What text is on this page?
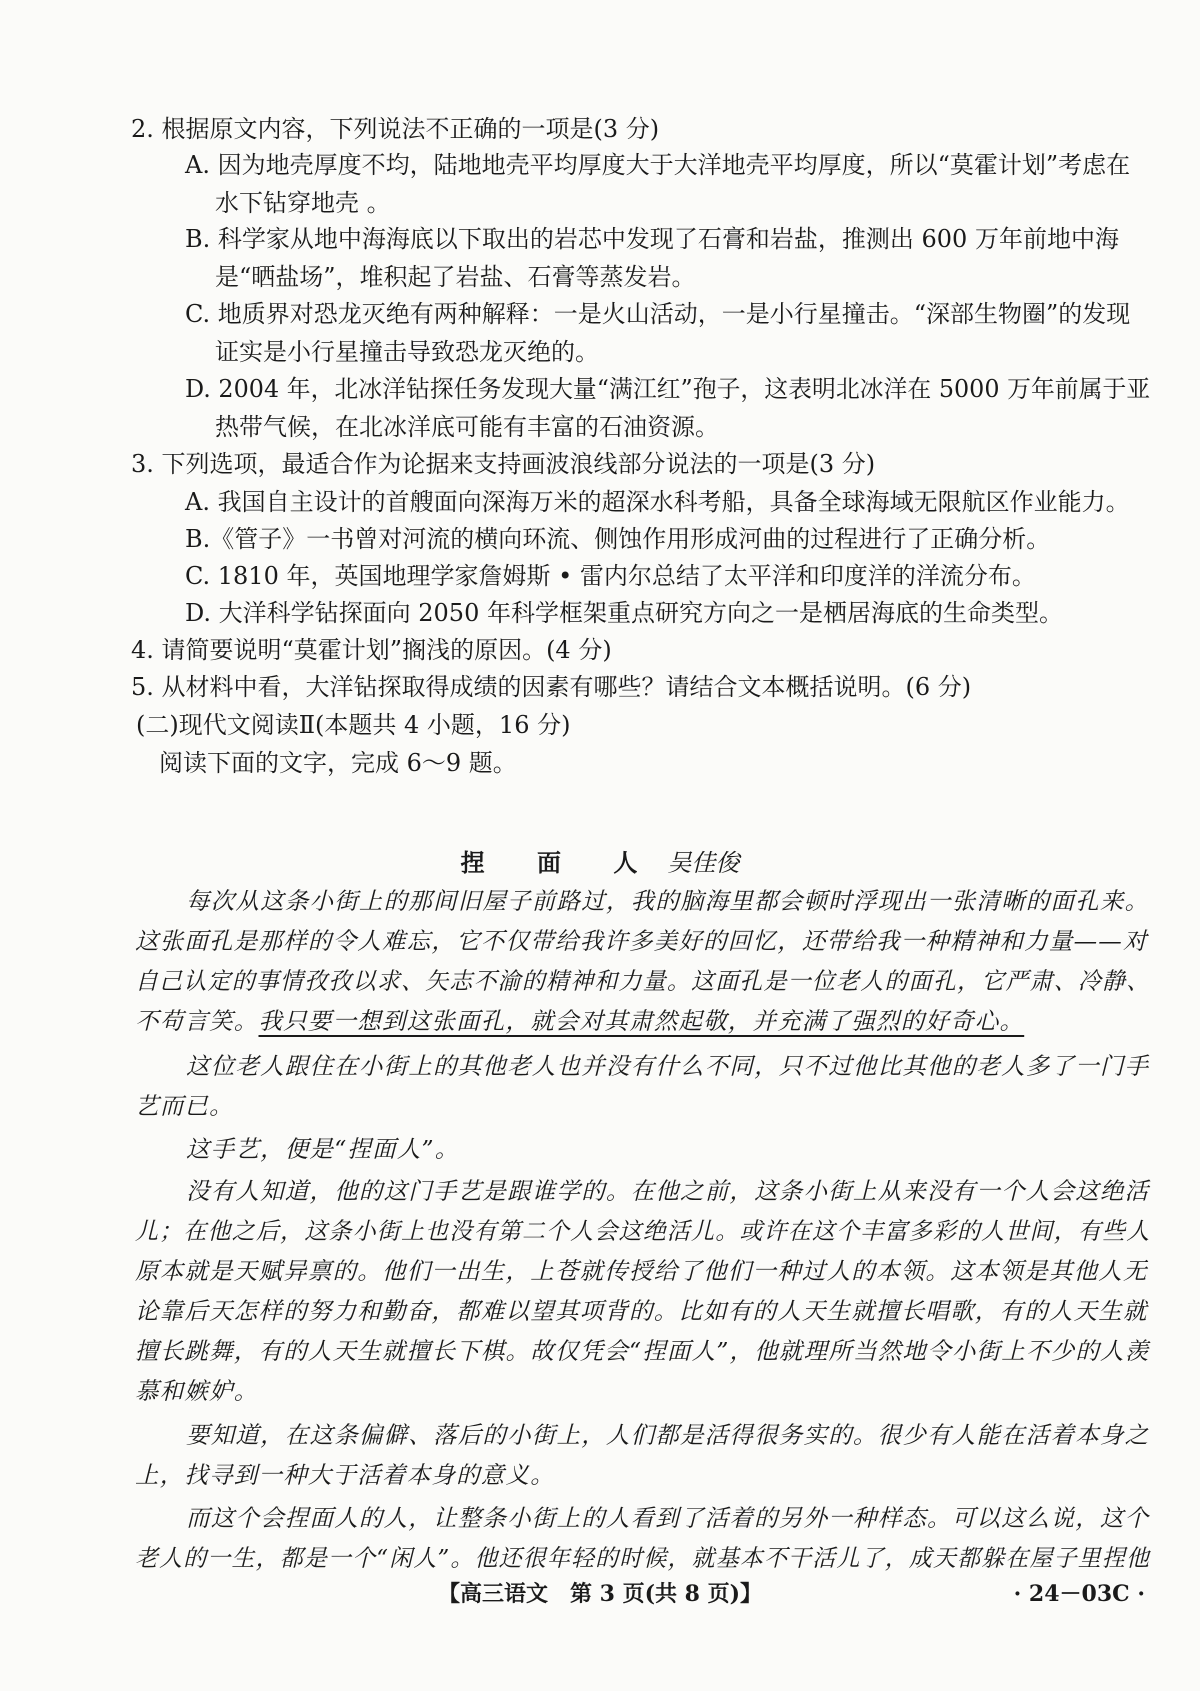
2. 根据原文内容，下列说法不正确的一项是(3 分)
A. 因为地壳厚度不均，陆地地壳平均厚度大于大洋地壳平均厚度，所以“莫霍计划”考虑在
水下钻穿地壳 。
B. 科学家从地中海海底以下取出的岩芯中发现了石膏和岩盐，推测出 600 万年前地中海
是“晒盐场”，堆积起了岩盐、石膏等蒸发岩。
C. 地质界对恐龙灭绝有两种解释：一是火山活动，一是小行星撞击。“深部生物圈”的发现
证实是小行星撞击导致恐龙灭绝的。
D. 2004 年，北冰洋钻探任务发现大量“满江红”孢子，这表明北冰洋在 5000 万年前属于亚
热带气候，在北冰洋底可能有丰富的石油资源。
3. 下列选项，最适合作为论据来支持画波浪线部分说法的一项是(3 分)
A. 我国自主设计的首艘面向深海万米的超深水科考船，具备全球海域无限航区作业能力。
B.《管子》一书曾对河流的横向环流、侧蚀作用形成河曲的过程进行了正确分析。
C. 1810 年，英国地理学家詹姆斯 • 雷内尔总结了太平洋和印度洋的洋流分布。
D. 大洋科学钻探面向 2050 年科学框架重点研究方向之一是栖居海底的生命类型。
4. 请简要说明“莫霍计划”搁浅的原因。(4 分)
5. 从材料中看，大洋钻探取得成绩的因素有哪些？请结合文本概括说明。(6 分)
(二)现代文阅读Ⅱ(本题共 4 小题，16 分)
阅读下面的文字，完成 6～9 题。
捏 面 人 吴佳俊
每次从这条小街上的那间旧屋子前路过，我的脑海里都会顿时浮现出一张清晰的面孔来。
这张面孔是那样的令人难忘，它不仅带给我许多美好的回忆，还带给我一种精神和力量——对
自己认定的事情孜孜以求、矢志不渝的精神和力量。这面孔是一位老人的面孔，它严肃、冷静、
不苟言笑。我只要一想到这张面孔，就会对其肃然起敬，并充满了强烈的好奇心。
这位老人跟住在小街上的其他老人也并没有什么不同，只不过他比其他的老人多了一门手
艺而已。
这手艺，便是“捏面人”。
没有人知道，他的这门手艺是跟谁学的。在他之前，这条小街上从来没有一个人会这绝活
儿；在他之后，这条小街上也没有第二个人会这绝活儿。或许在这个丰富多彩的人世间，有些人
原本就是天赋异禀的。他们一出生，上苍就传授给了他们一种过人的本领。这本领是其他人无
论靠后天怎样的努力和勤奋，都难以望其项背的。比如有的人天生就擅长唱歌，有的人天生就
擅长跳舞，有的人天生就擅长下棋。故仅凭会“捏面人”，他就理所当然地令小街上不少的人羡
慕和嫉妒。
要知道，在这条偏僻、落后的小街上，人们都是活得很务实的。很少有人能在活着本身之
上，找寻到一种大于活着本身的意义。
而这个会捏面人的人，让整条小街上的人看到了活着的另外一种样态。可以这么说，这个
老人的一生，都是一个“闲人”。他还很年轻的时候，就基本不干活儿了，成天都躲在屋子里捏他
【高三语文　第 3 页(共 8 页)】	· 24－03C ·
